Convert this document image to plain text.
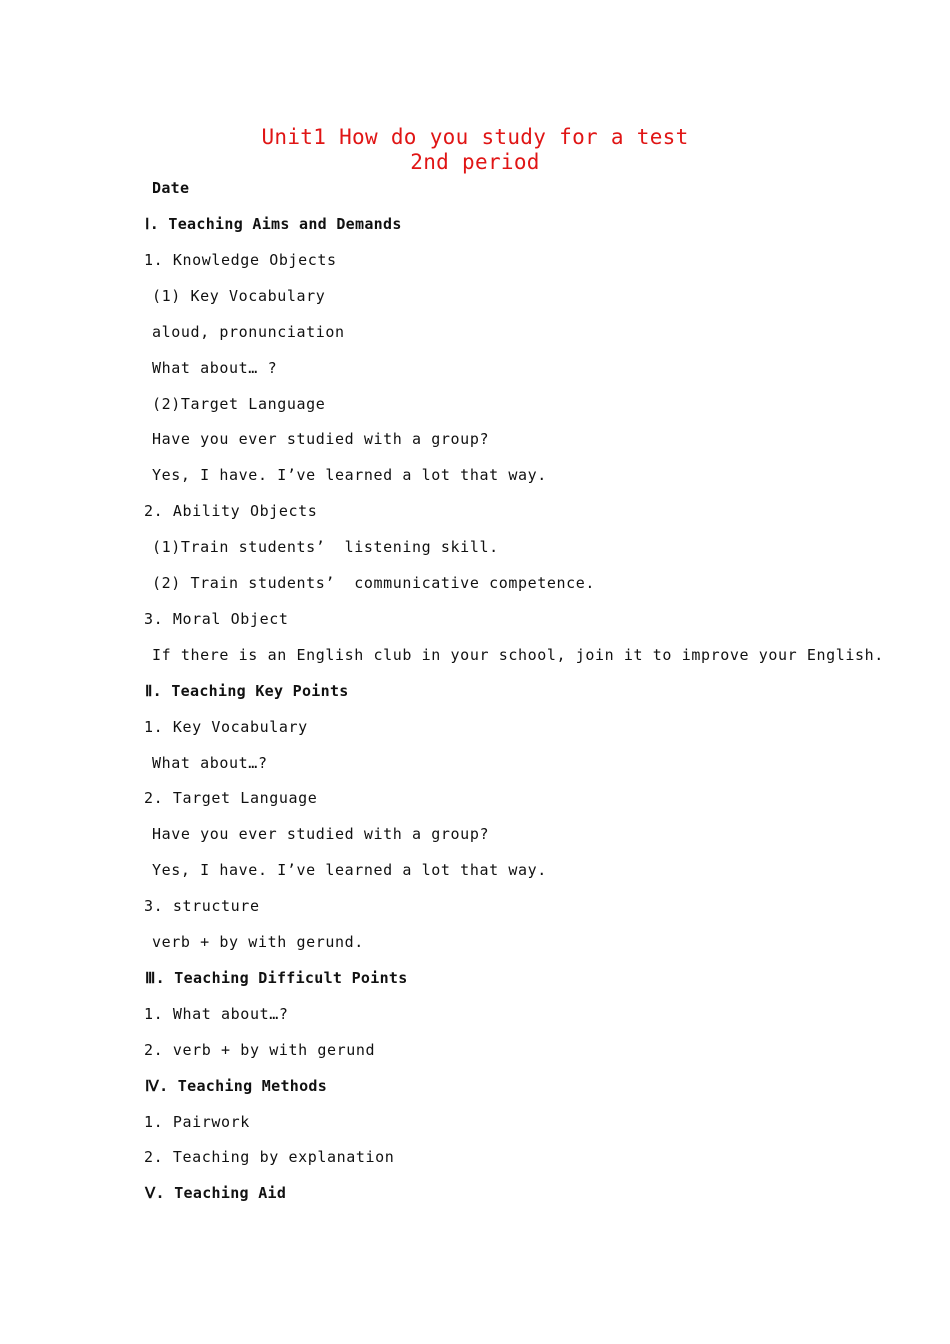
Unit1 How do you study for a test
2nd period
Date
Ⅰ. Teaching Aims and Demands
1. Knowledge Objects
(1) Key Vocabulary
aloud, pronunciation
What about… ?
(2)Target Language
Have you ever studied with a group?
Yes, I have. I’ve learned a lot that way.
2. Ability Objects
(1)Train students’  listening skill.
(2) Train students’  communicative competence.
3. Moral Object
If there is an English club in your school, join it to improve your English.
Ⅱ. Teaching Key Points
1. Key Vocabulary
What about…?
2. Target Language
Have you ever studied with a group?
Yes, I have. I’ve learned a lot that way.
3. structure
verb + by with gerund.
Ⅲ. Teaching Difficult Points
1. What about…?
2. verb + by with gerund
Ⅳ. Teaching Methods
1. Pairwork
2. Teaching by explanation
Ⅴ. Teaching Aid
